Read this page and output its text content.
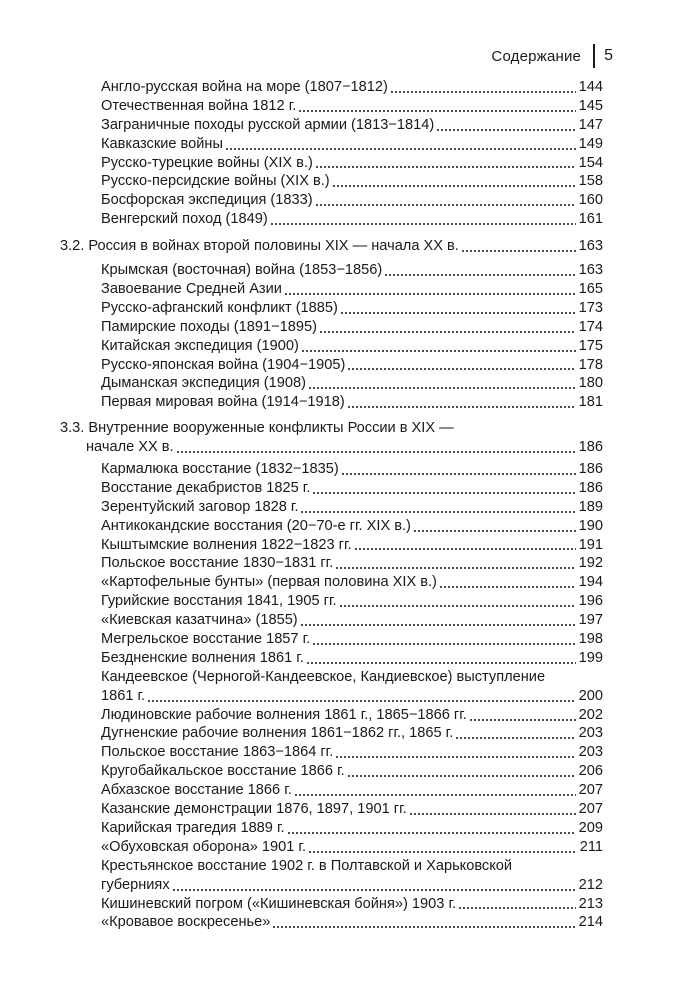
Содержание 5
Англо-русская война на море (1807−1812)	144
Отечественная война 1812 г.	145
Заграничные походы русской армии (1813−1814)	147
Кавказские войны	149
Русско-турецкие войны (XIX в.)	154
Русско-персидские войны (XIX в.)	158
Босфорская экспедиция (1833)	160
Венгерский поход (1849)	161
3.2. Россия в войнах второй половины XIX — начала XX в.	163
Крымская (восточная) война (1853−1856)	163
Завоевание Средней Азии	165
Русско-афганский конфликт (1885)	173
Памирские походы (1891−1895)	174
Китайская экспедиция (1900)	175
Русско-японская война (1904−1905)	178
Дыманская экспедиция (1908)	180
Первая мировая война (1914−1918)	181
3.3. Внутренние вооруженные конфликты России в XIX —
начале XX в.	186
Кармалюка восстание (1832−1835)	186
Восстание декабристов 1825 г.	186
Зерентуйский заговор 1828 г.	189
Антикокандские восстания (20−70-е гг. XIX в.)	190
Кыштымские волнения 1822−1823 гг.	191
Польское восстание 1830−1831 гг.	192
«Картофельные бунты» (первая половина XIX в.)	194
Гурийские восстания 1841, 1905 гг.	196
«Киевская казатчина» (1855)	197
Мегрельское восстание 1857 г.	198
Бездненские волнения 1861 г.	199
Кандеевское (Черногой-Кандеевское, Кандиевское) выступление
1861 г.	200
Людиновские рабочие волнения 1861 г., 1865−1866 гг.	202
Дугненские рабочие волнения 1861−1862 гг., 1865 г.	203
Польское восстание 1863−1864 гг.	203
Кругобайкальское восстание 1866 г.	206
Абхазское восстание 1866 г.	207
Казанские демонстрации 1876, 1897, 1901 гг.	207
Карийская трагедия 1889 г.	209
«Обуховская оборона» 1901 г.	211
Крестьянское восстание 1902 г. в Полтавской и Харьковской
губерниях	212
Кишиневский погром («Кишиневская бойня») 1903 г.	213
«Кровавое воскресенье»	214
